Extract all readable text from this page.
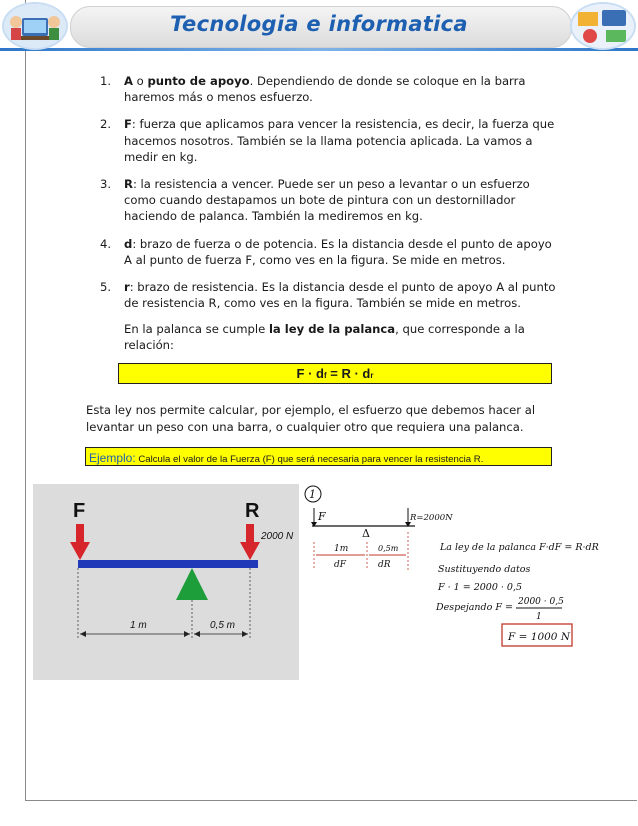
Tecnologia e informatica
1. A o punto de apoyo. Dependiendo de donde se coloque en la barra haremos más o menos esfuerzo.
2. F: fuerza que aplicamos para vencer la resistencia, es decir, la fuerza que hacemos nosotros. También se la llama potencia aplicada. La vamos a medir en kg.
3. R: la resistencia a vencer. Puede ser un peso a levantar o un esfuerzo como cuando destapamos un bote de pintura con un destornillador haciendo de palanca. También la mediremos en kg.
4. d: brazo de fuerza o de potencia. Es la distancia desde el punto de apoyo A al punto de fuerza F, como ves en la figura. Se mide en metros.
5. r: brazo de resistencia. Es la distancia desde el punto de apoyo A al punto de resistencia R, como ves en la figura. También se mide en metros.
En la palanca se cumple la ley de la palanca, que corresponde a la relación:
F · df = R · dr
Esta ley nos permite calcular, por ejemplo, el esfuerzo que debemos hacer al levantar un peso con una barra, o cualquier otro que requiera una palanca.
Ejemplo: Calcula el valor de la Fuerza (F) que será necesaria para vencer la resistencia R.
F	R
2000 N
1 m	0,5 m
1
F
Δ
R=2000N
1m
dF
0,5m
dR
La ley de la palanca F·dF = R·dR
Sustituyendo datos
F · 1 = 2000 · 0,5
Despejando F = 2000 · 0,5
1
F = 1000 N
